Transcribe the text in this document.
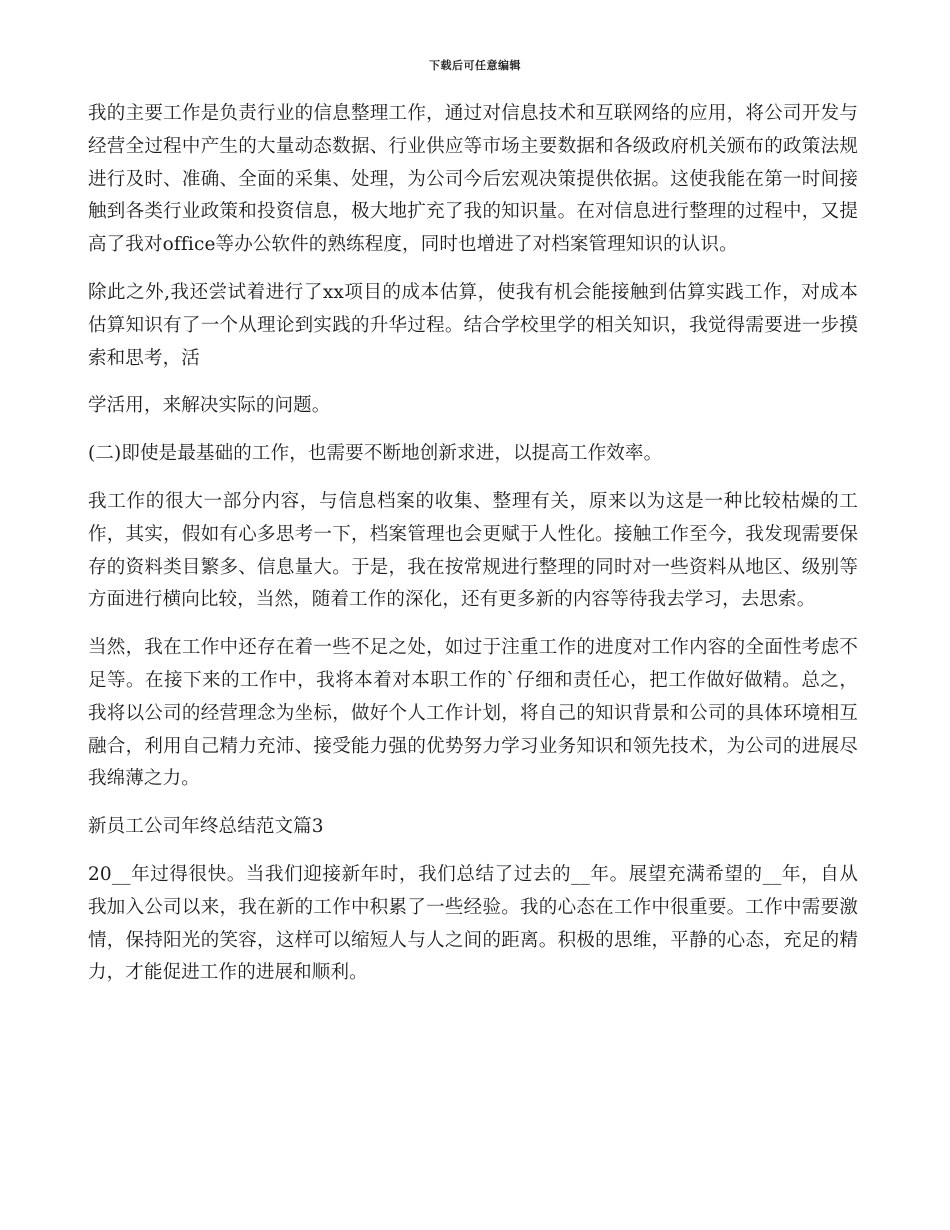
下载后可任意编辑

我的主要工作是负责行业的信息整理工作，通过对信息技术和互联网络的应用，将公司开发与经营全过程中产生的大量动态数据、行业供应等市场主要数据和各级政府机关颁布的政策法规进行及时、准确、全面的采集、处理，为公司今后宏观决策提供依据。这使我能在第一时间接触到各类行业政策和投资信息，极大地扩充了我的知识量。在对信息进行整理的过程中，又提高了我对office等办公软件的熟练程度，同时也增进了对档案管理知识的认识。

除此之外,我还尝试着进行了xx项目的成本估算，使我有机会能接触到估算实践工作，对成本估算知识有了一个从理论到实践的升华过程。结合学校里学的相关知识，我觉得需要进一步摸索和思考，活

学活用，来解决实际的问题。

(二)即使是最基础的工作，也需要不断地创新求进，以提高工作效率。

我工作的很大一部分内容，与信息档案的收集、整理有关，原来以为这是一种比较枯燥的工作，其实，假如有心多思考一下，档案管理也会更赋于人性化。接触工作至今，我发现需要保存的资料类目繁多、信息量大。于是，我在按常规进行整理的同时对一些资料从地区、级别等方面进行横向比较，当然，随着工作的深化，还有更多新的内容等待我去学习，去思索。

当然，我在工作中还存在着一些不足之处，如过于注重工作的进度对工作内容的全面性考虑不足等。在接下来的工作中，我将本着对本职工作的`仔细和责任心，把工作做好做精。总之，我将以公司的经营理念为坐标，做好个人工作计划，将自己的知识背景和公司的具体环境相互融合，利用自己精力充沛、接受能力强的优势努力学习业务知识和领先技术，为公司的进展尽我绵薄之力。

新员工公司年终总结范文篇3

20__年过得很快。当我们迎接新年时，我们总结了过去的__年。展望充满希望的__年，自从我加入公司以来，我在新的工作中积累了一些经验。我的心态在工作中很重要。工作中需要激情，保持阳光的笑容，这样可以缩短人与人之间的距离。积极的思维，平静的心态，充足的精力，才能促进工作的进展和顺利。
